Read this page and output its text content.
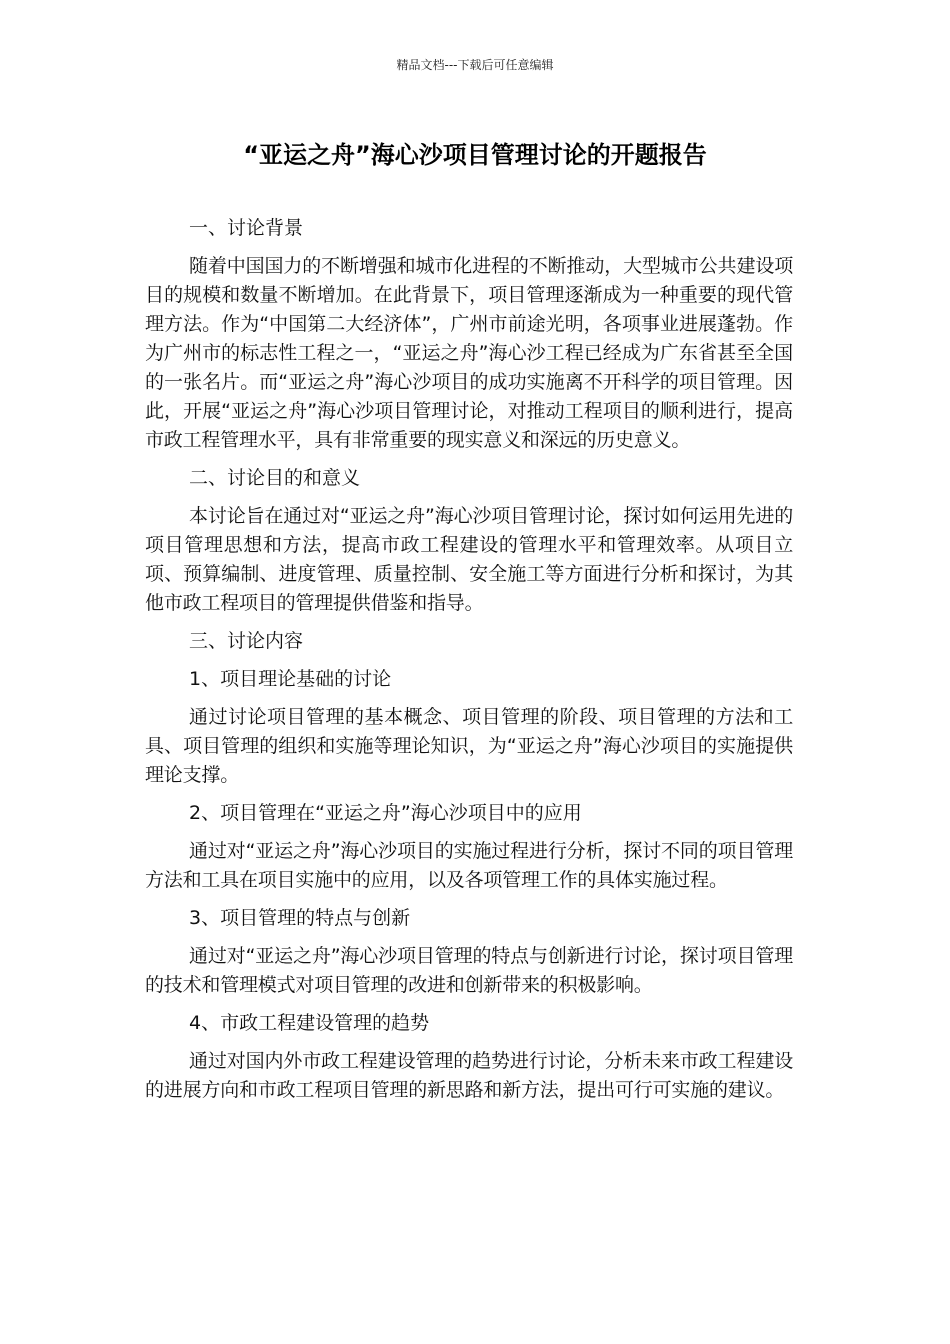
精品文档---下载后可任意编辑
“亚运之舟”海心沙项目管理讨论的开题报告

一、讨论背景

随着中国国力的不断增强和城市化进程的不断推动，大型城市公共建设项目的规模和数量不断增加。在此背景下，项目管理逐渐成为一种重要的现代管理方法。作为“中国第二大经济体”，广州市前途光明，各项事业进展蓬勃。作为广州市的标志性工程之一，“亚运之舟”海心沙工程已经成为广东省甚至全国的一张名片。而“亚运之舟”海心沙项目的成功实施离不开科学的项目管理。因此，开展“亚运之舟”海心沙项目管理讨论，对推动工程项目的顺利进行，提高市政工程管理水平，具有非常重要的现实意义和深远的历史意义。

二、讨论目的和意义

本讨论旨在通过对“亚运之舟”海心沙项目管理讨论，探讨如何运用先进的项目管理思想和方法，提高市政工程建设的管理水平和管理效率。从项目立项、预算编制、进度管理、质量控制、安全施工等方面进行分析和探讨，为其他市政工程项目的管理提供借鉴和指导。

三、讨论内容

1、项目理论基础的讨论

通过讨论项目管理的基本概念、项目管理的阶段、项目管理的方法和工具、项目管理的组织和实施等理论知识，为“亚运之舟”海心沙项目的实施提供理论支撑。

2、项目管理在“亚运之舟”海心沙项目中的应用

通过对“亚运之舟”海心沙项目的实施过程进行分析，探讨不同的项目管理方法和工具在项目实施中的应用，以及各项管理工作的具体实施过程。

3、项目管理的特点与创新

通过对“亚运之舟”海心沙项目管理的特点与创新进行讨论，探讨项目管理的技术和管理模式对项目管理的改进和创新带来的积极影响。

4、市政工程建设管理的趋势

通过对国内外市政工程建设管理的趋势进行讨论，分析未来市政工程建设的进展方向和市政工程项目管理的新思路和新方法，提出可行可实施的建议。
